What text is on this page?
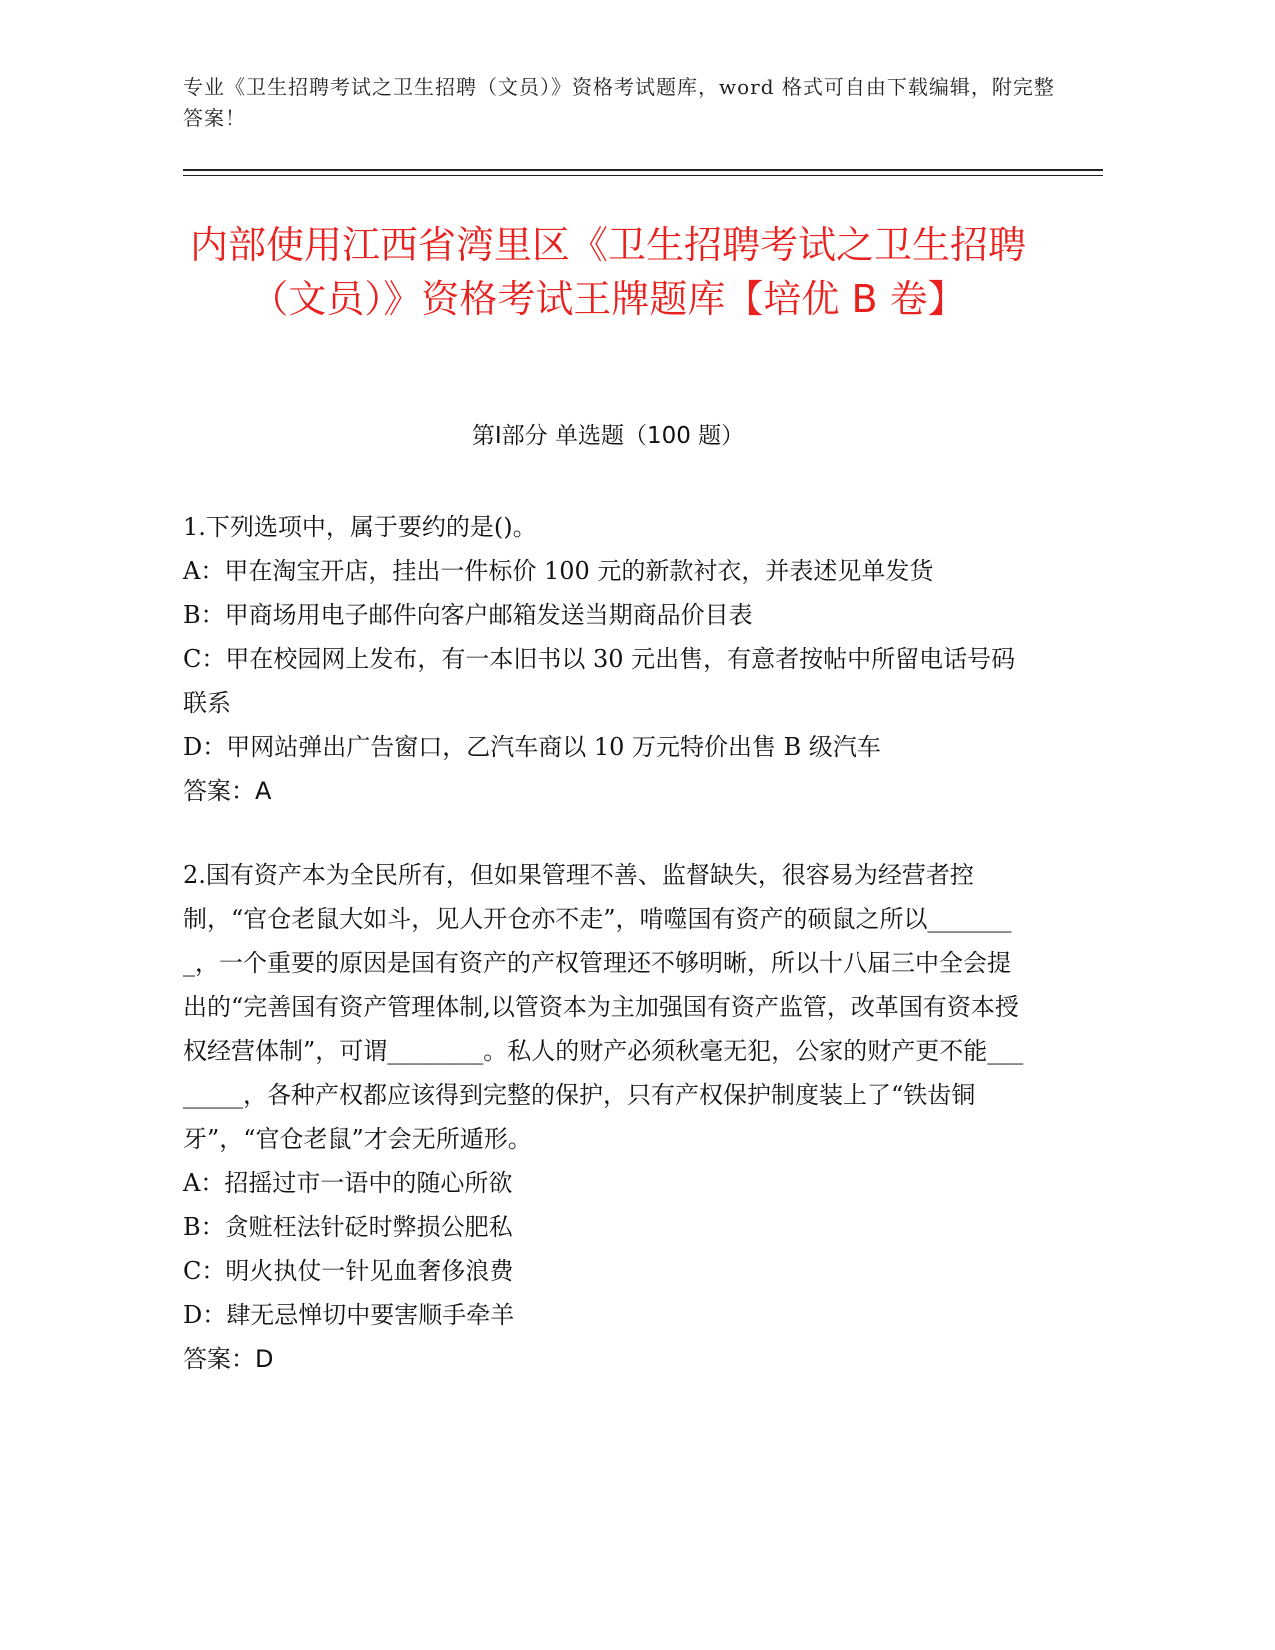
专业《卫生招聘考试之卫生招聘（文员）》资格考试题库，word 格式可自由下载编辑，附完整答案！
内部使用江西省湾里区《卫生招聘考试之卫生招聘（文员）》资格考试王牌题库【培优 B 卷】
第Ⅰ部分 单选题（100 题）
1.下列选项中，属于要约的是()。
A：甲在淘宝开店，挂出一件标价 100 元的新款衬衣，并表述见单发货
B：甲商场用电子邮件向客户邮箱发送当期商品价目表
C：甲在校园网上发布，有一本旧书以 30 元出售，有意者按帖中所留电话号码联系
D：甲网站弹出广告窗口，乙汽车商以 10 万元特价出售 B 级汽车
答案：A
2.国有资产本为全民所有，但如果管理不善、监督缺失，很容易为经营者控制，“官仓老鼠大如斗，见人开仓亦不走”，啃噬国有资产的硕鼠之所以________，一个重要的原因是国有资产的产权管理还不够明晰，所以十八届三中全会提出的“完善国有资产管理体制,以管资本为主加强国有资产监管，改革国有资本授权经营体制”，可谓________。私人的财产必须秋毫无犯，公家的财产更不能________，各种产权都应该得到完整的保护，只有产权保护制度装上了“铁齿铜牙”，“官仓老鼠”才会无所遁形。
A：招摇过市一语中的随心所欲
B：贪赃枉法针砭时弊损公肥私
C：明火执仗一针见血奢侈浪费
D：肆无忌惮切中要害顺手牵羊
答案：D
